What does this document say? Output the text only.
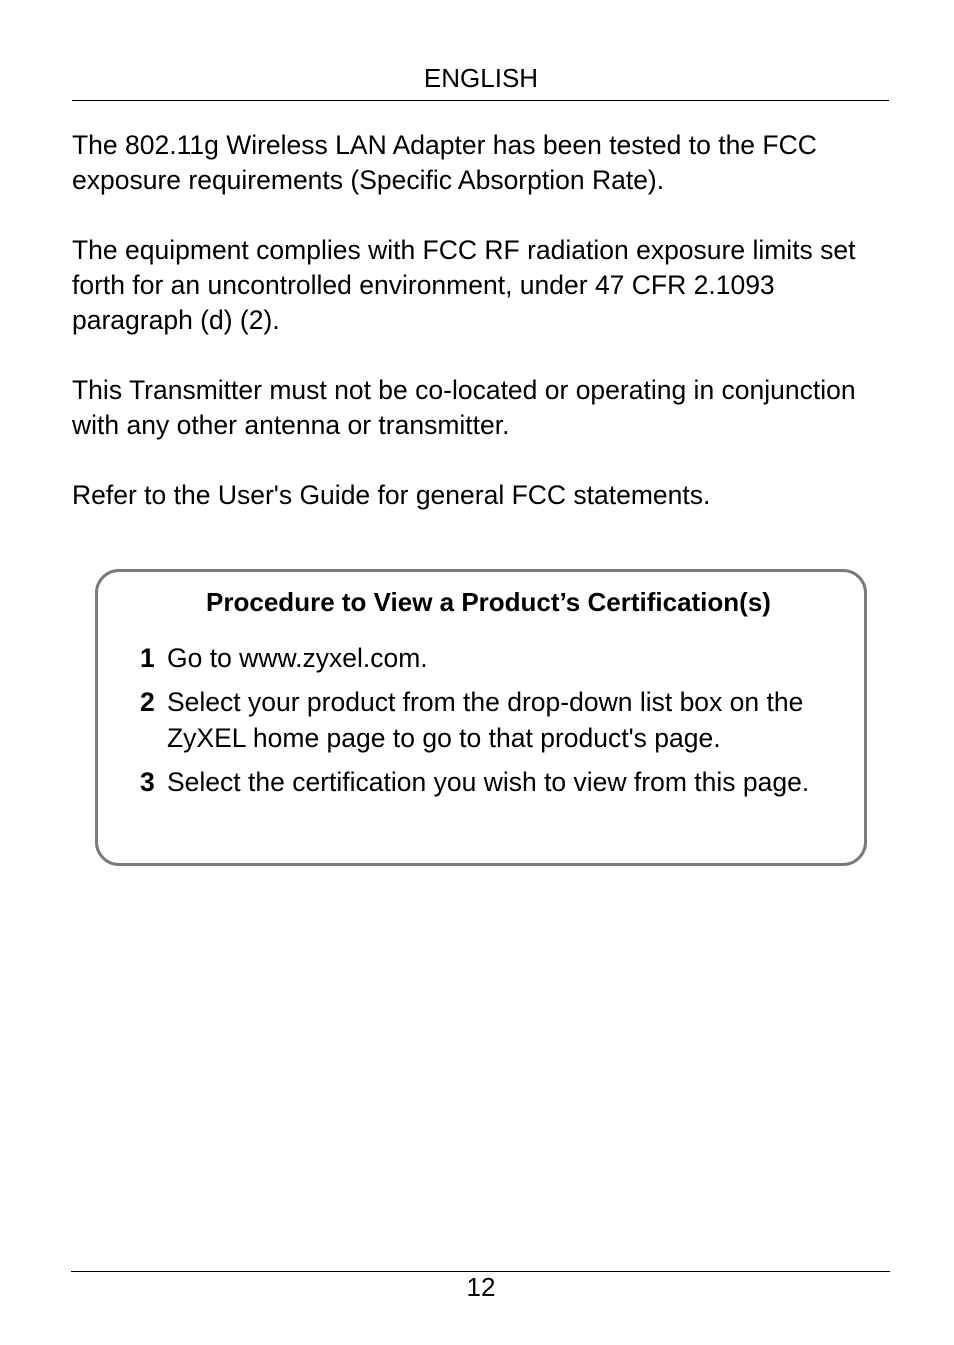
ENGLISH

The 802.11g Wireless LAN Adapter has been tested to the FCC exposure requirements (Specific Absorption Rate).

The equipment complies with FCC RF radiation exposure limits set forth for an uncontrolled environment, under 47 CFR 2.1093 paragraph (d) (2).

This Transmitter must not be co-located or operating in conjunction with any other antenna or transmitter.

Refer to the User's Guide for general FCC statements.

Procedure to View a Product’s Certification(s)
1 Go to www.zyxel.com.
2 Select your product from the drop-down list box on the ZyXEL home page to go to that product's page.
3 Select the certification you wish to view from this page.
12
